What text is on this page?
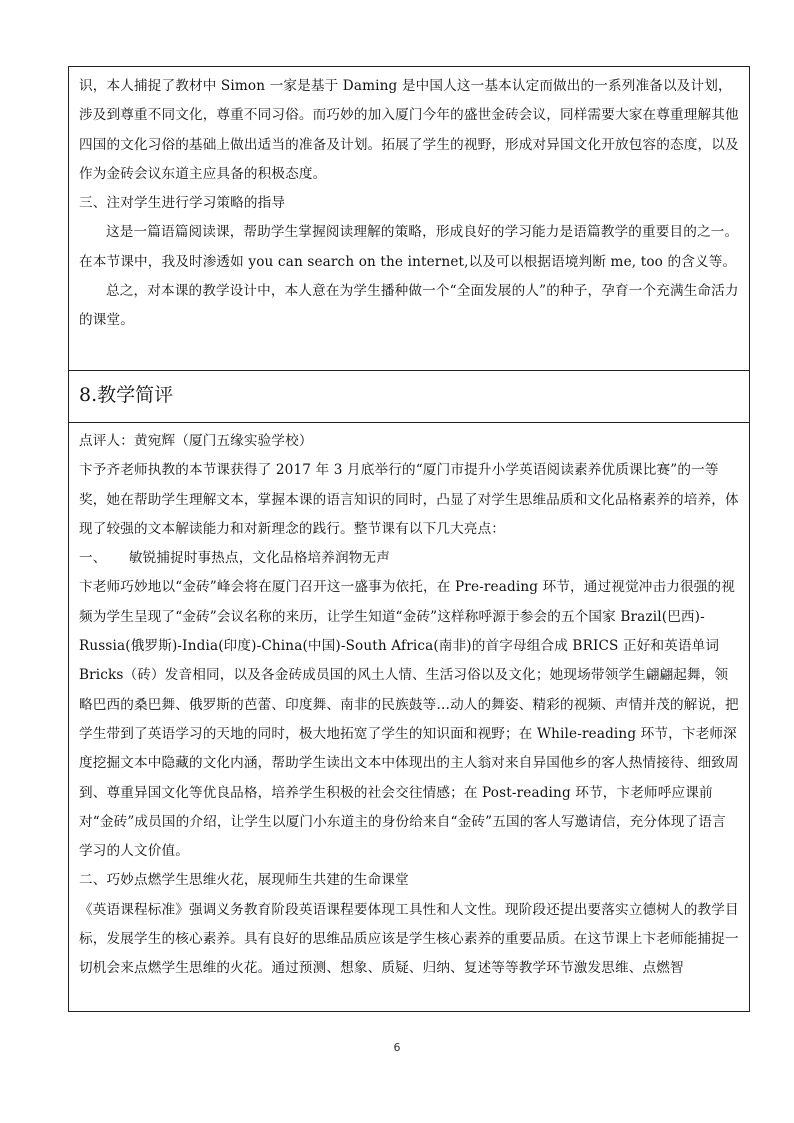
识，本人捕捉了教材中 Simon 一家是基于 Daming 是中国人这一基本认定而做出的一系列准备以及计划，涉及到尊重不同文化，尊重不同习俗。而巧妙的加入厦门今年的盛世金砖会议，同样需要大家在尊重理解其他四国的文化习俗的基础上做出适当的准备及计划。拓展了学生的视野，形成对异国文化开放包容的态度，以及作为金砖会议东道主应具备的积极态度。

三、注对学生进行学习策略的指导

这是一篇语篇阅读课，帮助学生掌握阅读理解的策略，形成良好的学习能力是语篇教学的重要目的之一。在本节课中，我及时渗透如 you can search on the internet,以及可以根据语境判断 me, too 的含义等。

总之，对本课的教学设计中，本人意在为学生播种做一个“全面发展的人”的种子，孕育一个充满生命活力的课堂。

8.教学简评

点评人：黄宛辉（厦门五缘实验学校）

卞予齐老师执教的本节课获得了 2017 年 3 月底举行的“厦门市提升小学英语阅读素养优质课比赛”的一等奖，她在帮助学生理解文本，掌握本课的语言知识的同时，凸显了对学生思维品质和文化品格素养的培养，体现了较强的文本解读能力和对新理念的践行。整节课有以下几大亮点：

一、     敏锐捕捉时事热点，文化品格培养润物无声

卞老师巧妙地以“金砖”峰会将在厦门召开这一盛事为依托，在 Pre-reading 环节，通过视觉冲击力很强的视频为学生呈现了“金砖”会议名称的来历，让学生知道“金砖”这样称呼源于参会的五个国家 Brazil(巴西)-Russia(俄罗斯)-India(印度)-China(中国)-South Africa(南非)的首字母组合成 BRICS 正好和英语单词 Bricks（砖）发音相同，以及各金砖成员国的风土人情、生活习俗以及文化；她现场带领学生翩翩起舞，领略巴西的桑巴舞、俄罗斯的芭蕾、印度舞、南非的民族鼓等…动人的舞姿、精彩的视频、声情并茂的解说，把学生带到了英语学习的天地的同时，极大地拓宽了学生的知识面和视野；在 While-reading 环节，卞老师深度挖掘文本中隐藏的文化内涵，帮助学生读出文本中体现出的主人翁对来自异国他乡的客人热情接待、细致周到、尊重异国文化等优良品格，培养学生积极的社会交往情感；在 Post-reading 环节，卞老师呼应课前对“金砖”成员国的介绍，让学生以厦门小东道主的身份给来自“金砖”五国的客人写邀请信，充分体现了语言学习的人文价值。

二、巧妙点燃学生思维火花，展现师生共建的生命课堂

《英语课程标准》强调义务教育阶段英语课程要体现工具性和人文性。现阶段还提出要落实立德树人的教学目标，发展学生的核心素养。具有良好的思维品质应该是学生核心素养的重要品质。在这节课上卞老师能捕捉一切机会来点燃学生思维的火花。通过预测、想象、质疑、归纳、复述等等教学环节激发思维、点燃智

6
